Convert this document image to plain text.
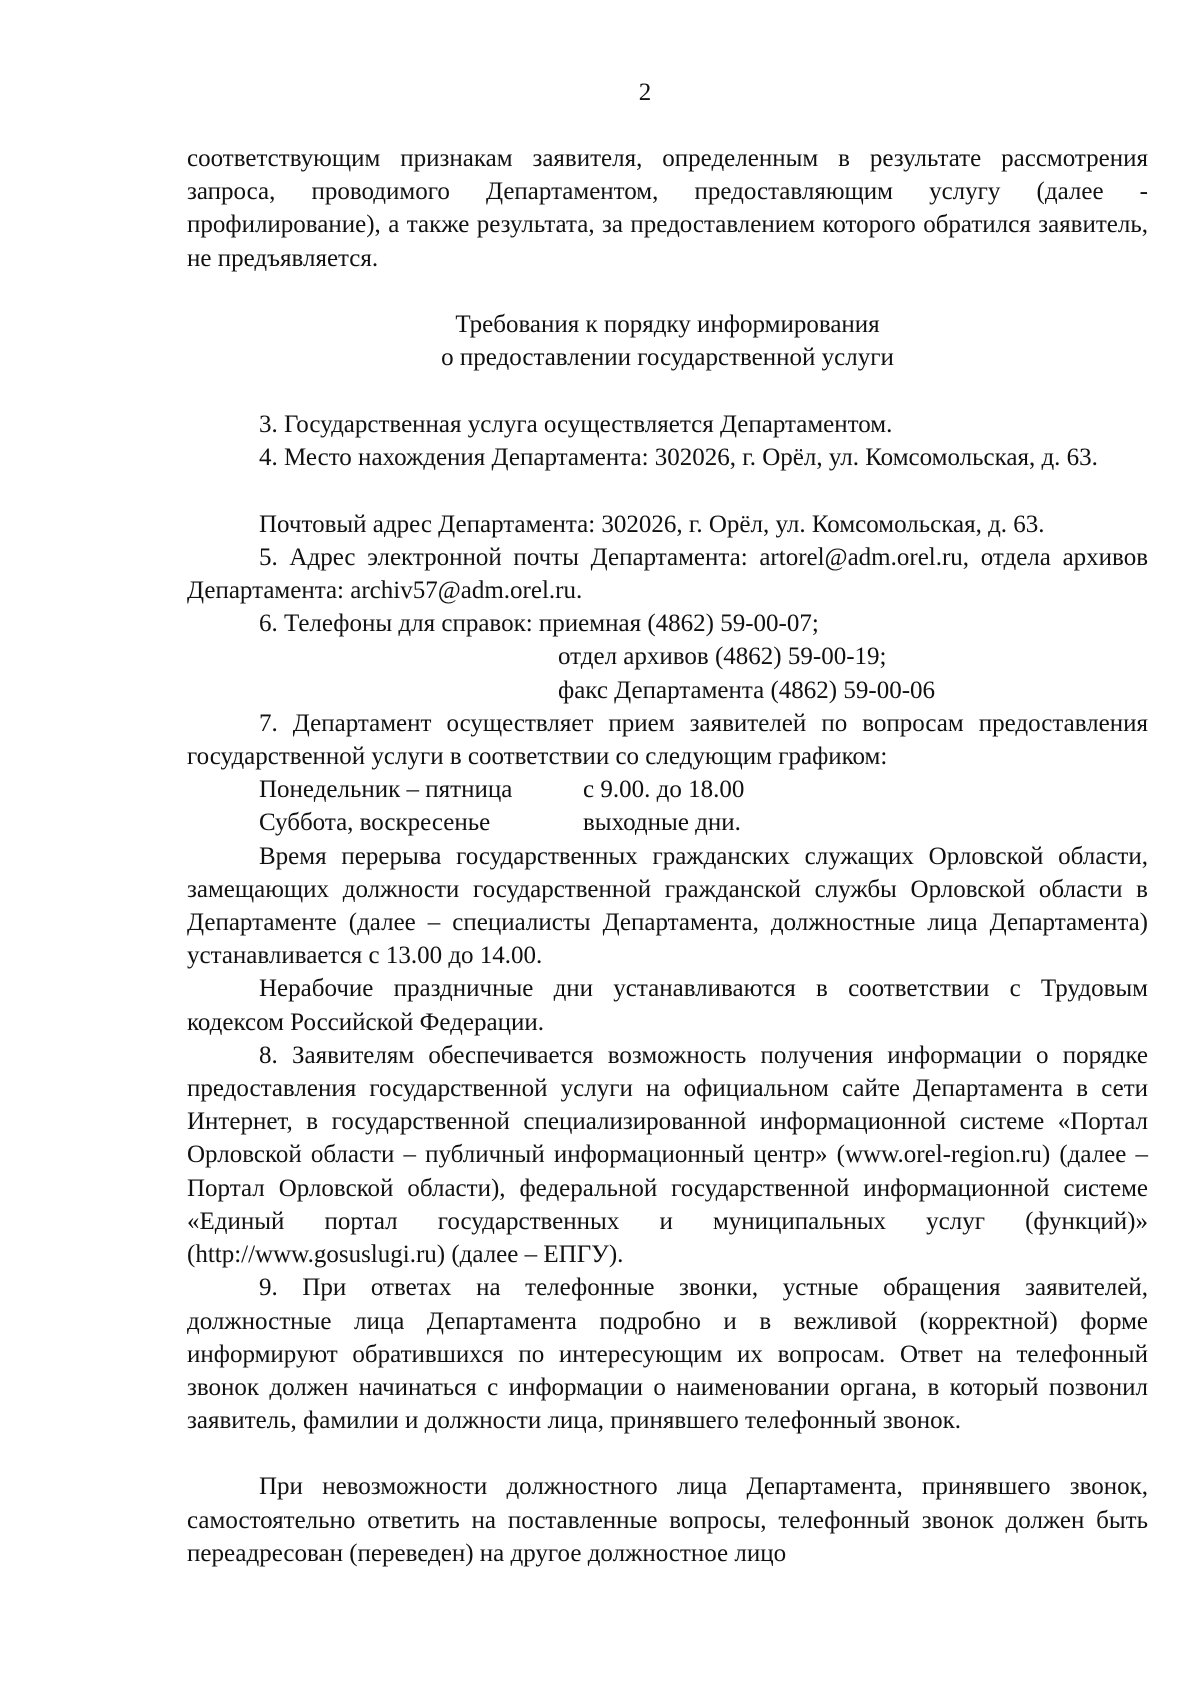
2

соответствующим признакам заявителя, определенным в результате рассмотрения запроса, проводимого Департаментом, предоставляющим услугу (далее - профилирование), а также результата, за предоставлением которого обратился заявитель, не предъявляется.

Требования к порядку информирования
о предоставлении государственной услуги

3. Государственная услуга осуществляется Департаментом.

4. Место нахождения Департамента: 302026, г. Орёл, ул. Комсомольская, д. 63.

Почтовый адрес Департамента: 302026, г. Орёл, ул. Комсомольская, д. 63.

5. Адрес электронной почты Департамента: artorel@adm.orel.ru, отдела архивов Департамента: archiv57@adm.orel.ru.

6. Телефоны для справок: приемная (4862) 59-00-07;
отдел архивов (4862) 59-00-19;
факс Департамента (4862) 59-00-06

7. Департамент осуществляет прием заявителей по вопросам предоставления государственной услуги в соответствии со следующим графиком:

Понедельник – пятница	с 9.00. до 18.00
Суббота, воскресенье	выходные дни.

Время перерыва государственных гражданских служащих Орловской области, замещающих должности государственной гражданской службы Орловской области в Департаменте (далее – специалисты Департамента, должностные лица Департамента) устанавливается с 13.00 до 14.00.

Нерабочие праздничные дни устанавливаются в соответствии с Трудовым кодексом Российской Федерации.

8. Заявителям обеспечивается возможность получения информации о порядке предоставления государственной услуги на официальном сайте Департамента в сети Интернет, в государственной специализированной информационной системе «Портал Орловской области – публичный информационный центр» (www.orel-region.ru) (далее – Портал Орловской области), федеральной государственной информационной системе «Единый портал государственных и муниципальных услуг (функций)» (http://www.gosuslugi.ru) (далее – ЕПГУ).

9. При ответах на телефонные звонки, устные обращения заявителей, должностные лица Департамента подробно и в вежливой (корректной) форме информируют обратившихся по интересующим их вопросам. Ответ на телефонный звонок должен начинаться с информации о наименовании органа, в который позвонил заявитель, фамилии и должности лица, принявшего телефонный звонок.

При невозможности должностного лица Департамента, принявшего звонок, самостоятельно ответить на поставленные вопросы, телефонный звонок должен быть переадресован (переведен) на другое должностное лицо
